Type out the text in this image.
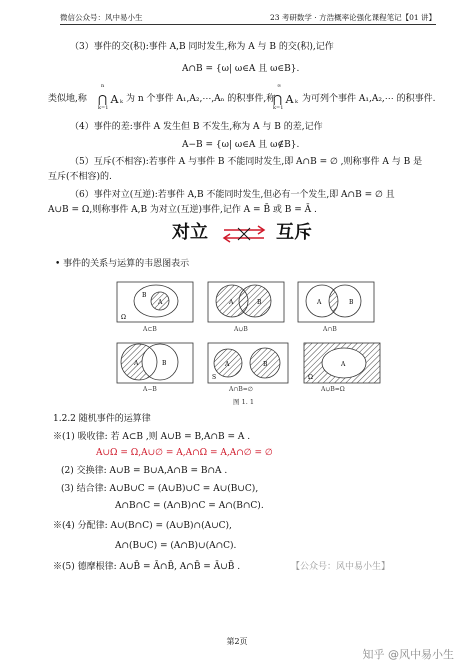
微信公众号：风中易小生	23 考研数学 · 方浩概率论强化课程笔记【01 讲】
（3）事件的交(积):事件 A,B 同时发生,称为 A 与 B 的交(积),记作
A∩B = {ω| ω∈A 且 ω∈B}.
类似地,称 ⋂ A
n
k=1
k 为 n 个事件 A₁,A₂,⋯,Aₙ 的积事件,称
⋂ A
∞
k=1
k 为可列个事件 A₁,A₂,⋯ 的积事件.
（4）事件的差:事件 A 发生但 B 不发生,称为 A 与 B 的差,记作
A−B = {ω| ω∈A 且 ω∉B}.
（5）互斥(不相容):若事件 A 与事件 B 不能同时发生,即 A∩B = ∅ ,则称事件 A 与 B 是
互斥(不相容)的.
（6）事件对立(互逆):若事件 A,B 不能同时发生,但必有一个发生,即 A∩B = ∅ 且
A∪B = Ω,则称事件 A,B 为对立(互逆)事件,记作 A = B̄ 或 B = Ā .
对立	互斥
• 事件的关系与运算的韦恩图表示
A	B
S
A	B
Ω
A
A⊂B	A∪B	A∩B
A−B	A∩B=∅	A∪B=Ω
图 1. 1
1.2.2 随机事件的运算律
※(1) 吸收律: 若 A⊂B ,则 A∪B = B,A∩B = A .
A∪Ω = Ω,A∪∅ = A,A∩Ω = A,A∩∅ = ∅
(2) 交换律: A∪B = B∪A,A∩B = B∩A .
(3) 结合律: A∪B∪C = (A∪B)∪C = A∪(B∪C),
A∩B∩C = (A∩B)∩C = A∩(B∩C).
※(4) 分配律: A∪(B∩C) = (A∪B)∩(A∪C),
A∩(B∪C) = (A∩B)∪(A∩C).
※(5) 德摩根律: A∪B̄ = Ā∩B̄, A∩B̄ = Ā∪B̄ .	【公众号：风中易小生】
第2页
知乎 @风中易小生
